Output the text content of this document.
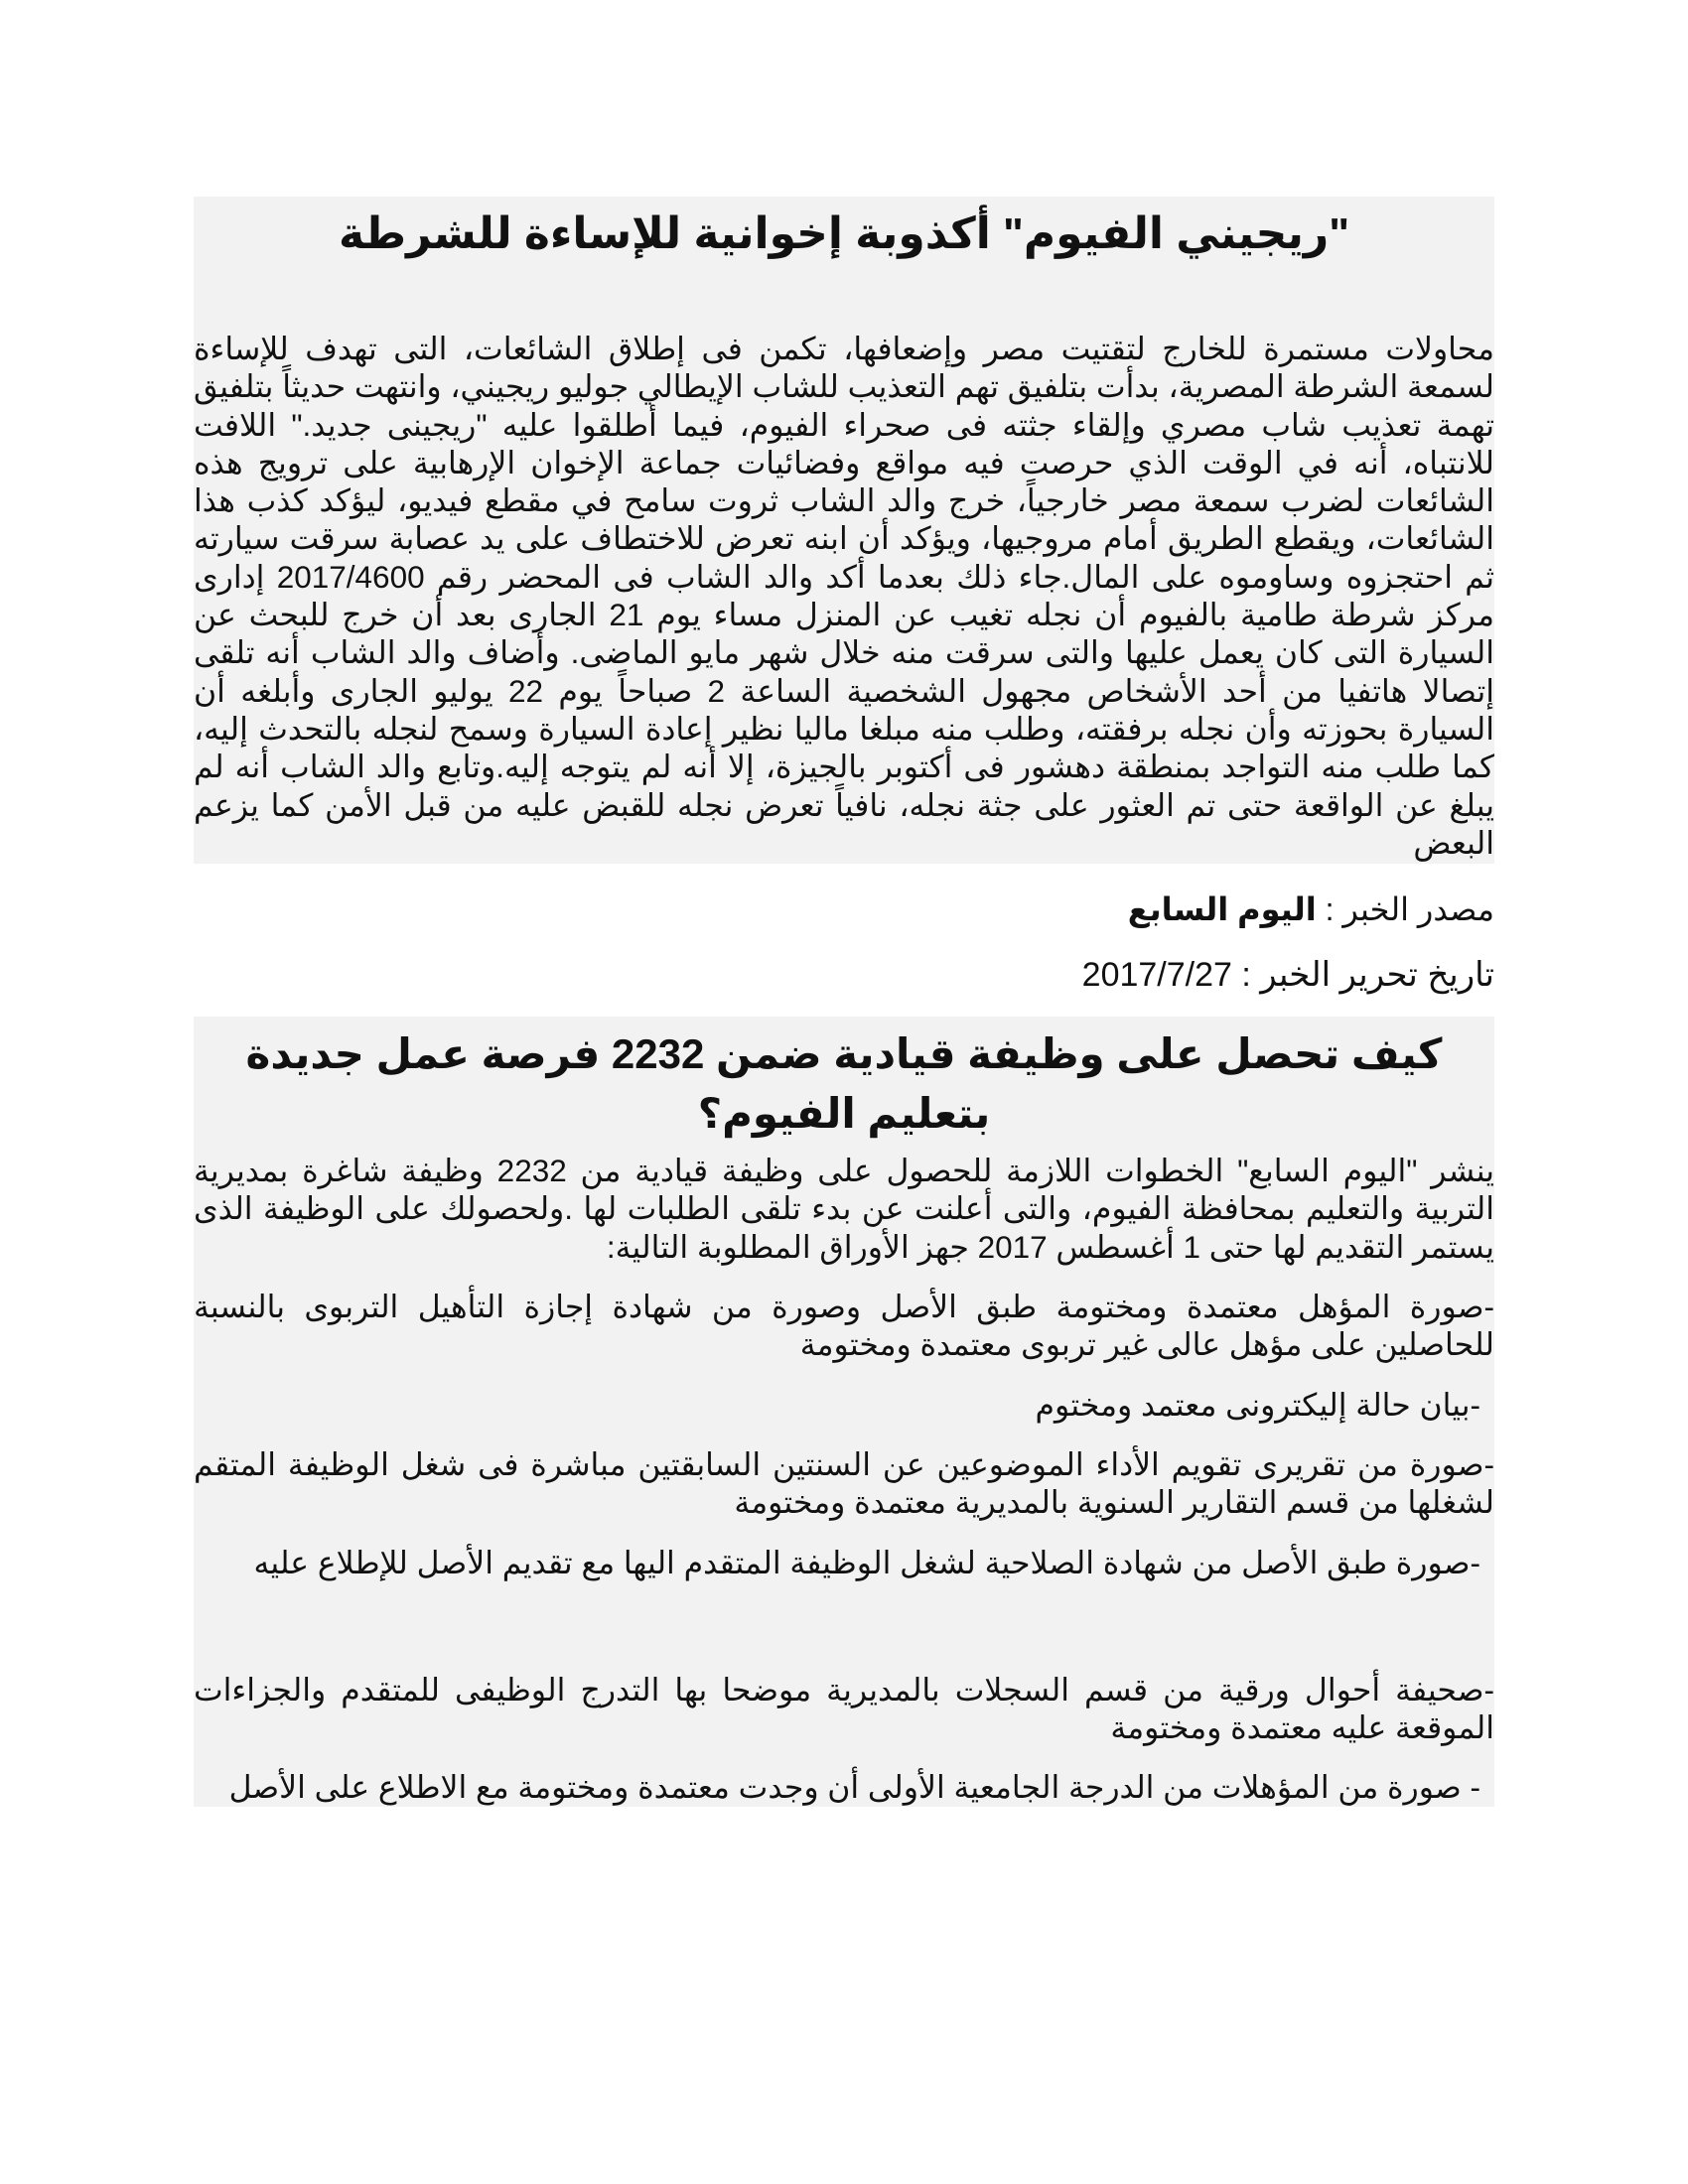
"ريجيني الفيوم" أكذوبة إخوانية للإساءة للشرطة

محاولات مستمرة للخارج لتقتيت مصر وإضعافها، تكمن فى إطلاق الشائعات، التى تهدف للإساءة لسمعة الشرطة المصرية، بدأت بتلفيق تهم التعذيب للشاب الإيطالي جوليو ريجيني، وانتهت حديثاً بتلفيق تهمة تعذيب شاب مصري وإلقاء جثته فى صحراء الفيوم، فيما أطلقوا عليه "ريجينى جديد." اللافت للانتباه، أنه في الوقت الذي حرصت فيه مواقع وفضائيات جماعة الإخوان الإرهابية على ترويج هذه الشائعات لضرب سمعة مصر خارجياً، خرج والد الشاب ثروت سامح في مقطع فيديو، ليؤكد كذب هذا الشائعات، ويقطع الطريق أمام مروجيها، ويؤكد أن ابنه تعرض للاختطاف على يد عصابة سرقت سيارته ثم احتجزوه وساوموه على المال.جاء ذلك بعدما أكد والد الشاب فى المحضر رقم 2017/4600 إدارى مركز شرطة طامية بالفيوم أن نجله تغيب عن المنزل مساء يوم 21 الجارى بعد أن خرج للبحث عن السيارة التى كان يعمل عليها والتى سرقت منه خلال شهر مايو الماضى. وأضاف والد الشاب أنه تلقى إتصالا هاتفيا من أحد الأشخاص مجهول الشخصية الساعة 2 صباحاً يوم 22 يوليو الجارى وأبلغه أن السيارة بحوزته وأن نجله برفقته، وطلب منه مبلغا ماليا نظير إعادة السيارة وسمح لنجله بالتحدث إليه، كما طلب منه التواجد بمنطقة دهشور فى أكتوبر بالجيزة، إلا أنه لم يتوجه إليه.وتابع والد الشاب أنه لم يبلغ عن الواقعة حتى تم العثور على جثة نجله، نافياً تعرض نجله للقبض عليه من قبل الأمن كما يزعم البعض

مصدر الخبر : اليوم السابع

تاريخ تحرير الخبر : 2017/7/27

كيف تحصل على وظيفة قيادية ضمن 2232 فرصة عمل جديدة بتعليم الفيوم؟

ينشر "اليوم السابع" الخطوات اللازمة للحصول على وظيفة قيادية من 2232 وظيفة شاغرة بمديرية التربية والتعليم بمحافظة الفيوم، والتى أعلنت عن بدء تلقى الطلبات لها .ولحصولك على الوظيفة الذى يستمر التقديم لها حتى 1 أغسطس 2017 جهز الأوراق المطلوبة التالية:

-صورة المؤهل معتمدة ومختومة طبق الأصل وصورة من شهادة إجازة التأهيل التربوى بالنسبة للحاصلين على مؤهل عالى غير تربوى معتمدة ومختومة

-بيان حالة إليكترونى معتمد ومختوم

-صورة من تقريرى تقويم الأداء الموضوعين عن السنتين السابقتين مباشرة فى شغل الوظيفة المتقم لشغلها من قسم التقارير السنوية بالمديرية معتمدة ومختومة

-صورة طبق الأصل من شهادة الصلاحية لشغل الوظيفة المتقدم اليها مع تقديم الأصل للإطلاع عليه

-صحيفة أحوال ورقية من قسم السجلات بالمديرية موضحا بها التدرج الوظيفى للمتقدم والجزاءات الموقعة عليه معتمدة ومختومة

- صورة من المؤهلات من الدرجة الجامعية الأولى أن وجدت معتمدة ومختومة مع الاطلاع على الأصل
